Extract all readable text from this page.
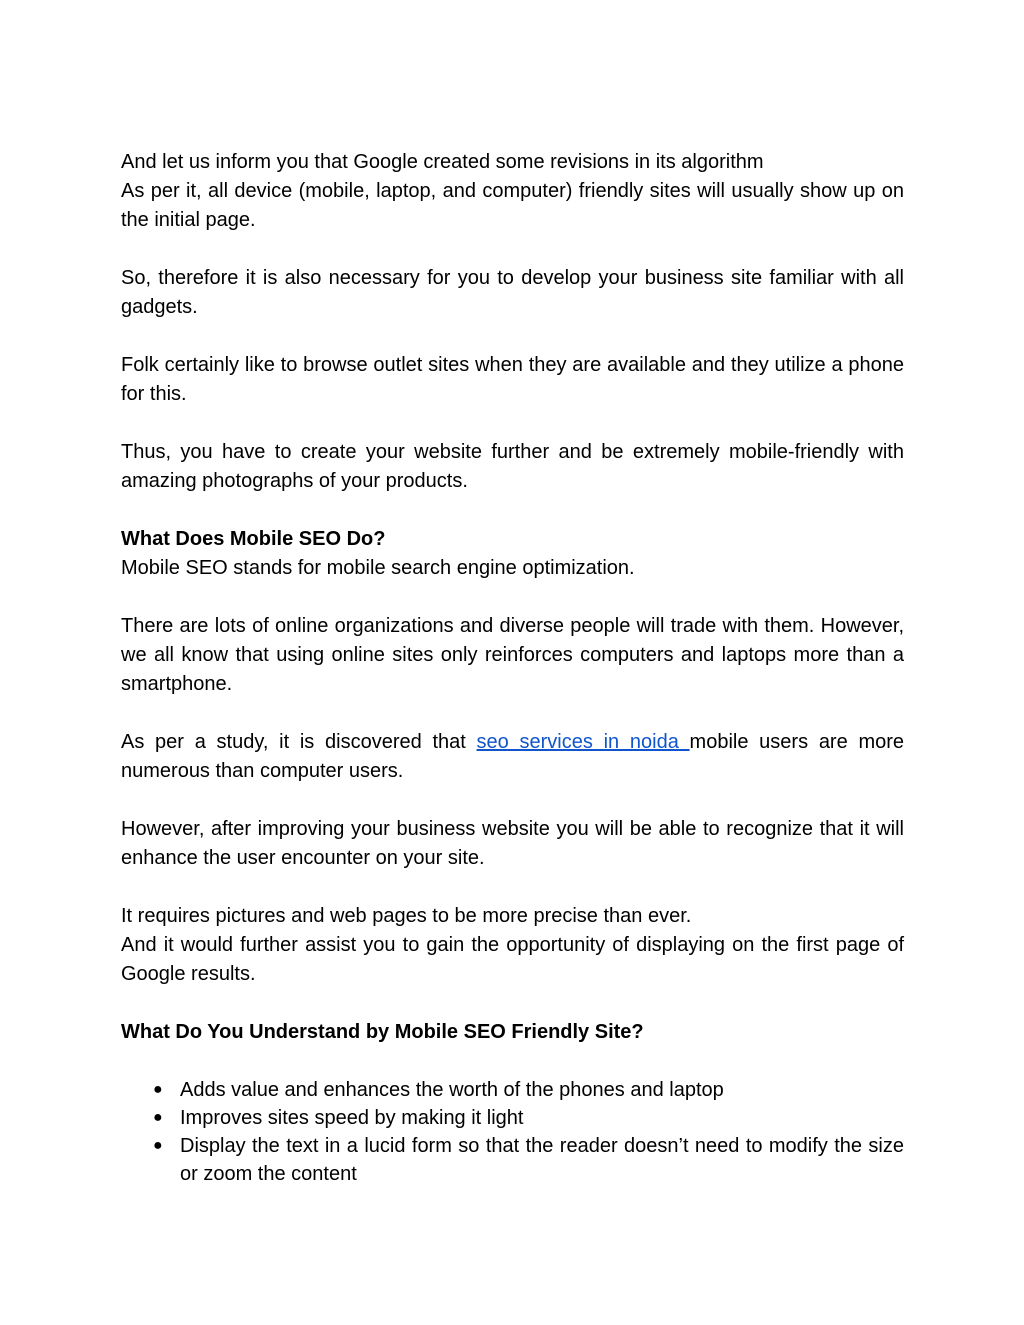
And let us inform you that Google created some revisions in its algorithm

As per it, all device (mobile, laptop, and computer) friendly sites will usually show up on the initial page.

So, therefore it is also necessary for you to develop your business site familiar with all gadgets.

Folk certainly like to browse outlet sites when they are available and they utilize a phone for this.

Thus, you have to create your website further and be extremely mobile-friendly with amazing photographs of your products.

What Does Mobile SEO Do?

Mobile SEO stands for mobile search engine optimization.

There are lots of online organizations and diverse people will trade with them. However, we all know that using online sites only reinforces computers and laptops more than a smartphone.

As per a study, it is discovered that seo services in noida mobile users are more numerous than computer users.

However, after improving your business website you will be able to recognize that it will enhance the user encounter on your site.

It requires pictures and web pages to be more precise than ever.

And it would further assist you to gain the opportunity of displaying on the first page of Google results.

What Do You Understand by Mobile SEO Friendly Site?

● Adds value and enhances the worth of the phones and laptop
● Improves sites speed by making it light
● Display the text in a lucid form so that the reader doesn’t need to modify the size or zoom the content
